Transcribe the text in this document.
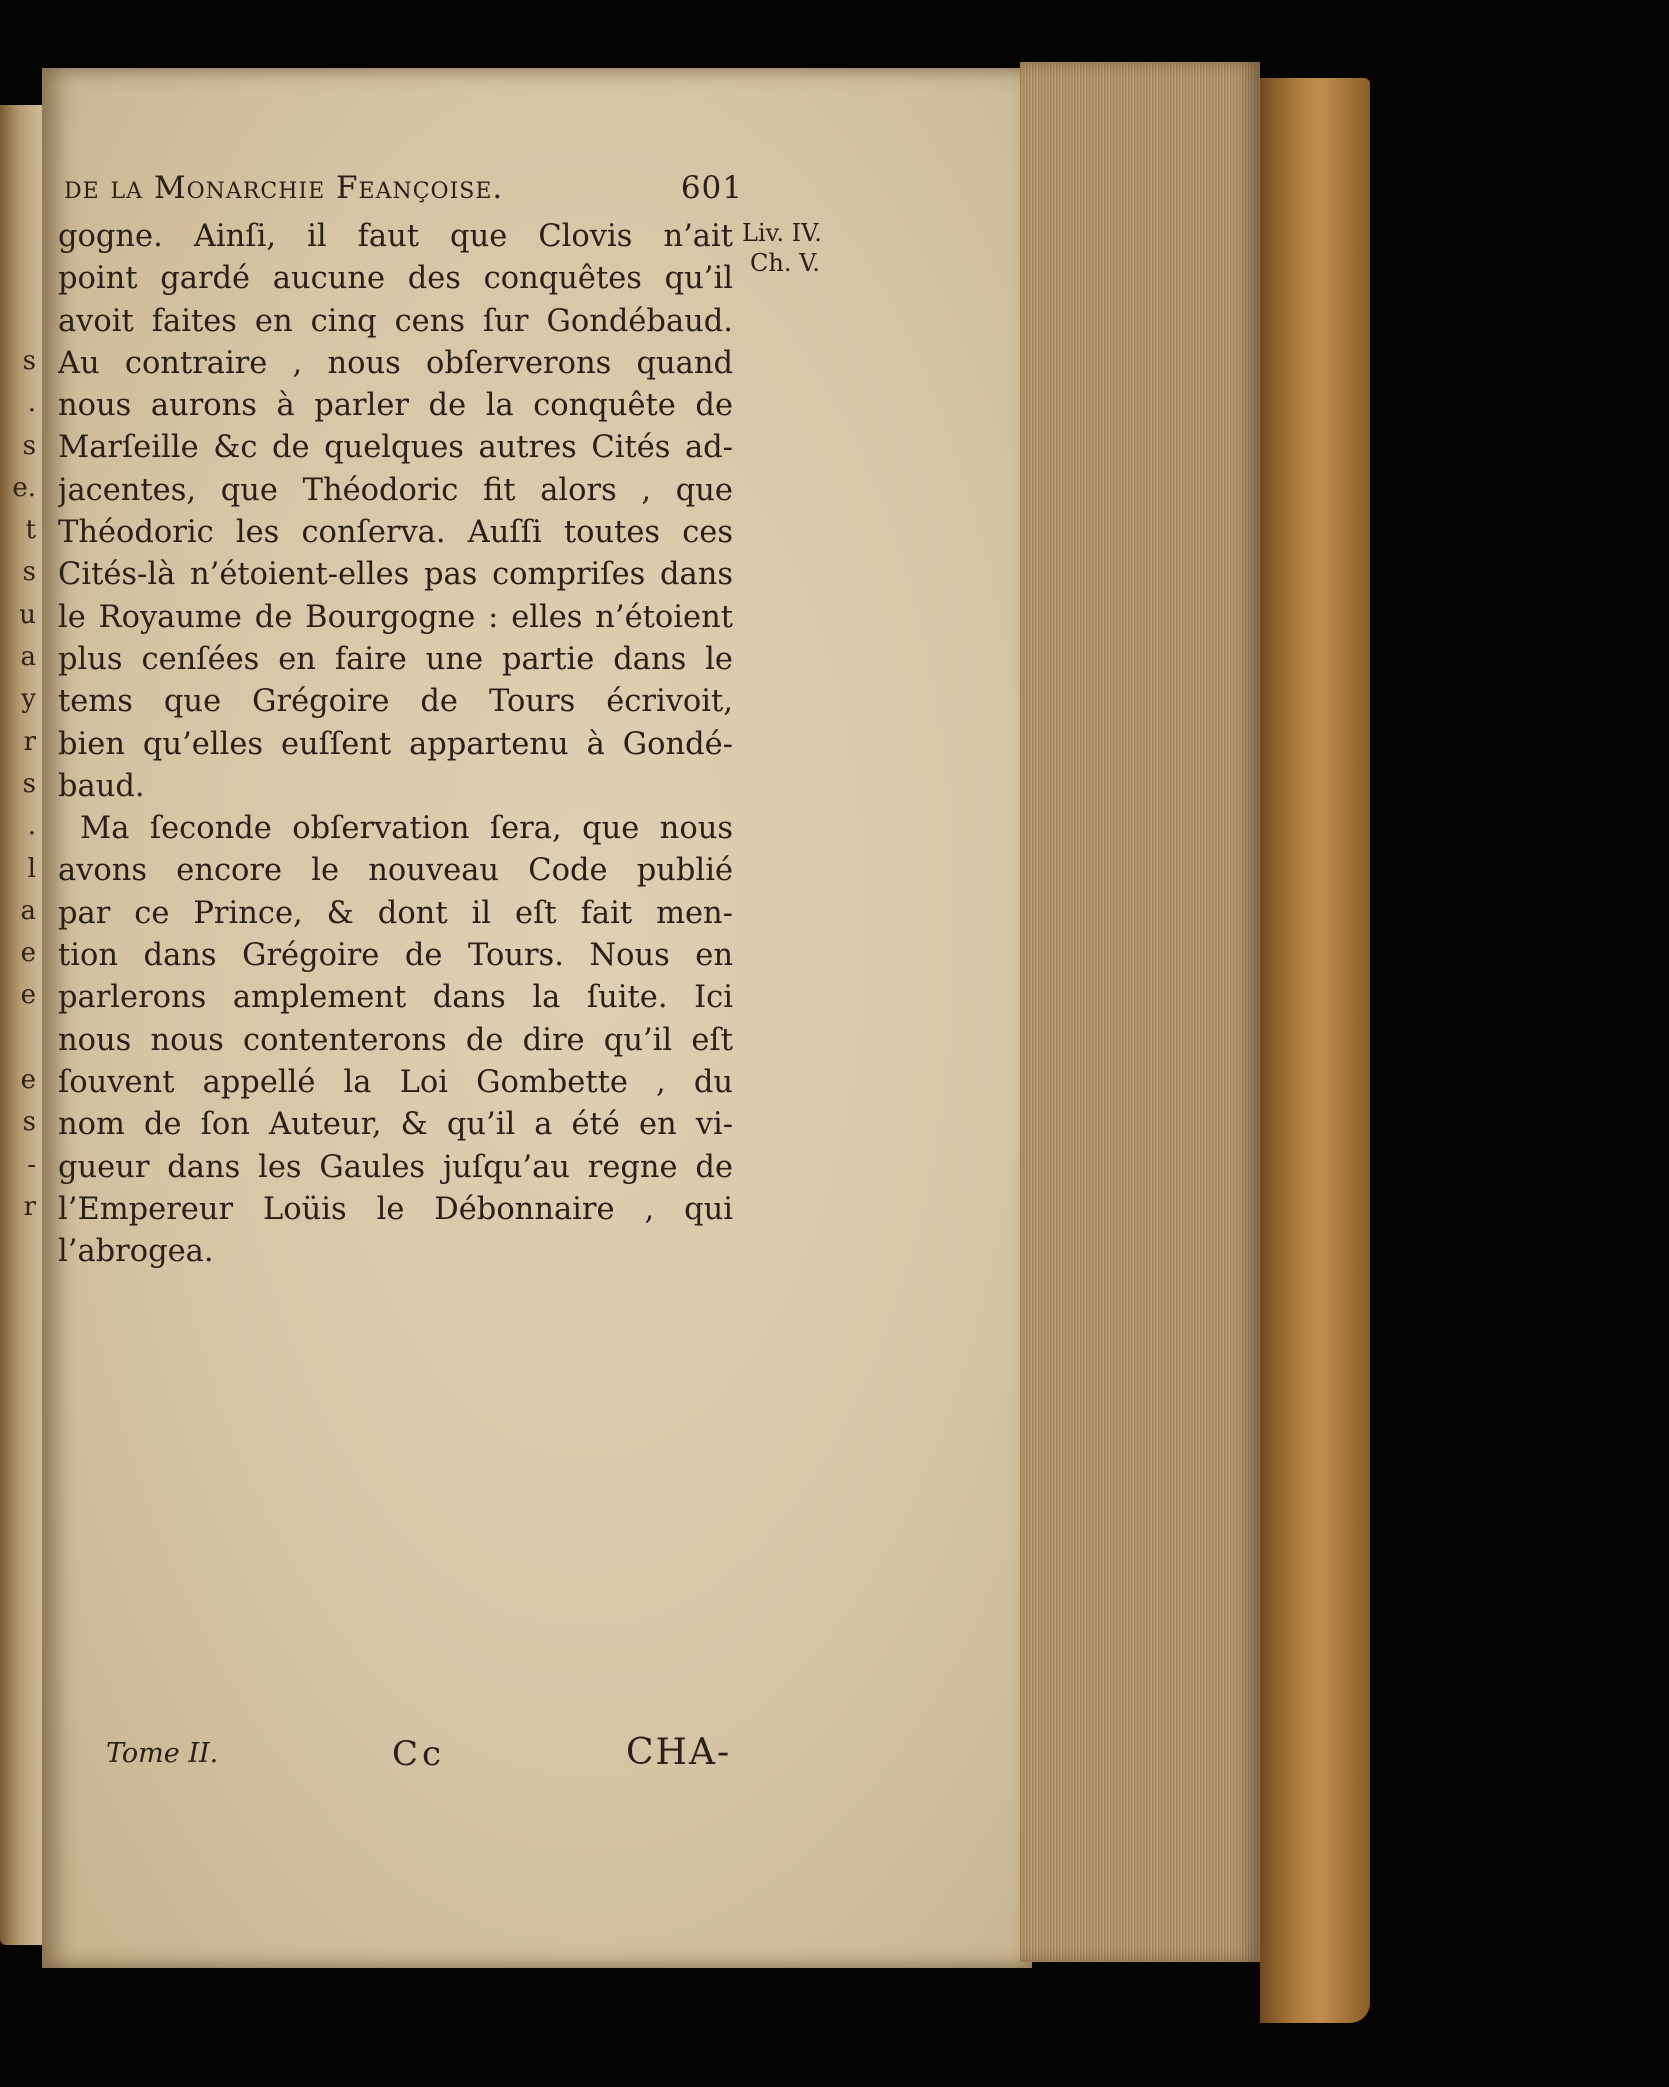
s
.
s
e.
t
s
u
a
y
r
s
.
l
a
e
e
e
s
-
r
de la Monarchie Feançoise.	601
gogne. Ainſi, il faut que Clovis n’ait
point gardé aucune des conquêtes qu’il
avoit faites en cinq cens ſur Gondébaud.
Au contraire , nous obſerverons quand
nous aurons à parler de la conquête de
Marſeille &c de quelques autres Cités ad-
jacentes, que Théodoric fit alors , que
Théodoric les conſerva. Auſſi toutes ces
Cités-là n’étoient-elles pas compriſes dans
le Royaume de Bourgogne : elles n’étoient
plus cenſées en faire une partie dans le
tems que Grégoire de Tours écrivoit,
bien qu’elles euſſent appartenu à Gondé-
baud.
Ma ſeconde obſervation ſera, que nous
avons encore le nouveau Code publié
par ce Prince, & dont il eſt fait men-
tion dans Grégoire de Tours. Nous en
parlerons amplement dans la ſuite. Ici
nous nous contenterons de dire qu’il eſt
ſouvent appellé la Loi Gombette , du
nom de ſon Auteur, & qu’il a été en vi-
gueur dans les Gaules juſqu’au regne de
l’Empereur Loüis le Débonnaire , qui
l’abrogea.
Liv. IV.
Ch. V.
Tome II.	Cc	CHA-
